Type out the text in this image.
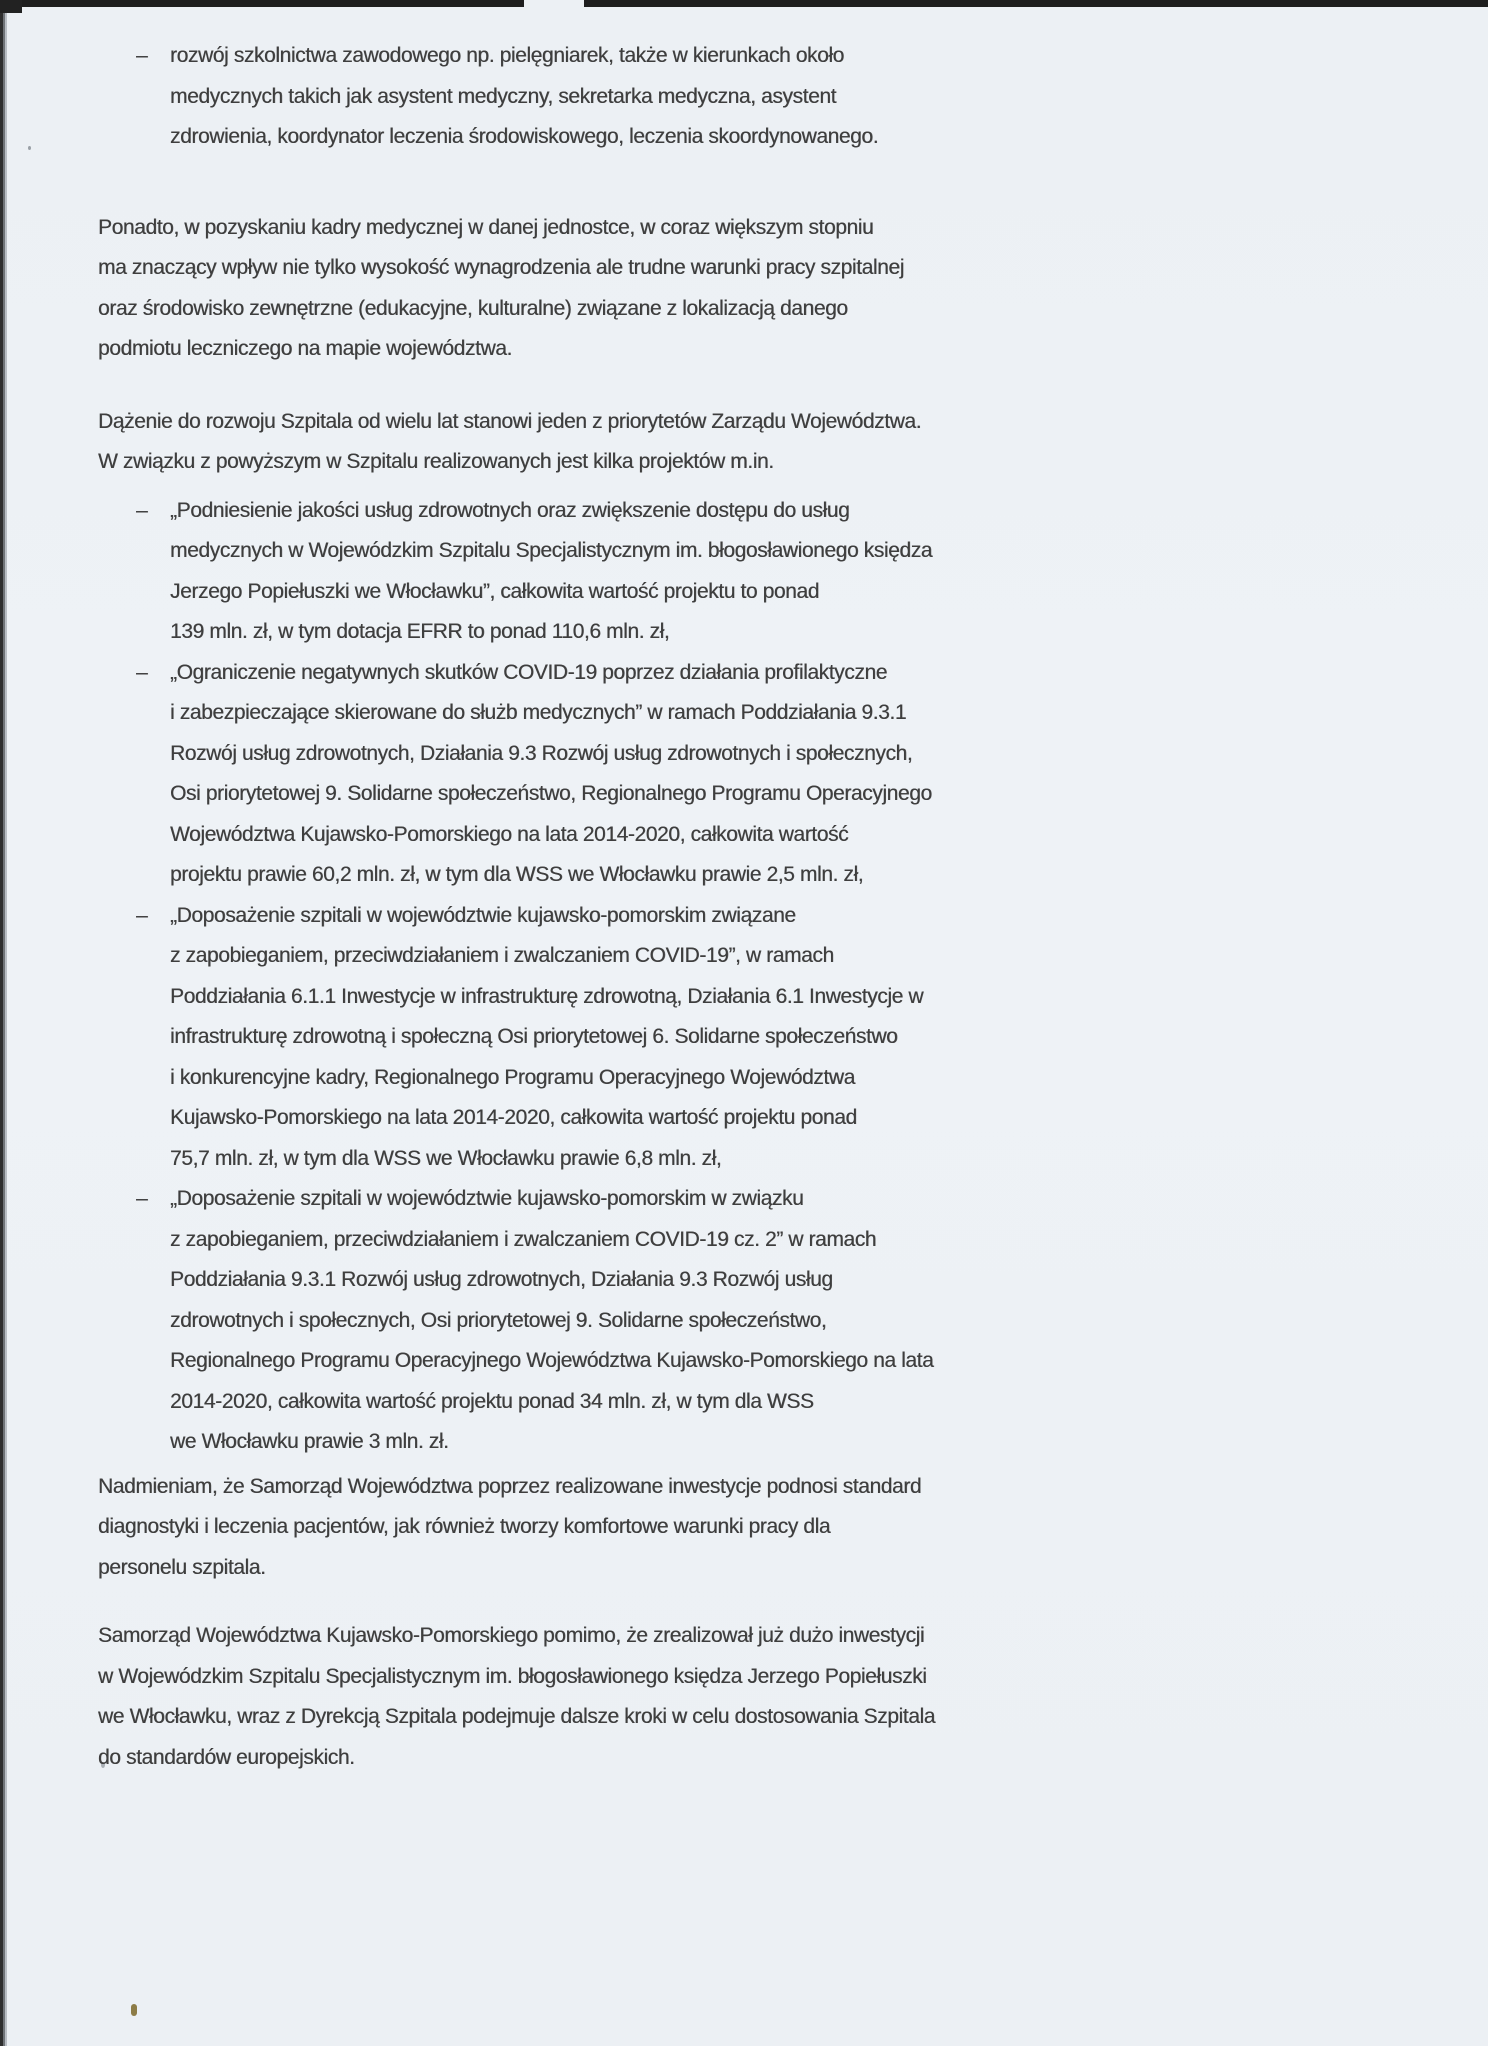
– rozwój szkolnictwa zawodowego np. pielęgniarek, także w kierunkach około
medycznych takich jak asystent medyczny, sekretarka medyczna, asystent
zdrowienia, koordynator leczenia środowiskowego, leczenia skoordynowanego.
Ponadto, w pozyskaniu kadry medycznej w danej jednostce, w coraz większym stopniu
ma znaczący wpływ nie tylko wysokość wynagrodzenia ale trudne warunki pracy szpitalnej
oraz środowisko zewnętrzne (edukacyjne, kulturalne) związane z lokalizacją danego
podmiotu leczniczego na mapie województwa.
Dążenie do rozwoju Szpitala od wielu lat stanowi jeden z priorytetów Zarządu Województwa.
W związku z powyższym w Szpitalu realizowanych jest kilka projektów m.in.
– „Podniesienie jakości usług zdrowotnych oraz zwiększenie dostępu do usług
medycznych w Wojewódzkim Szpitalu Specjalistycznym im. błogosławionego księdza
Jerzego Popiełuszki we Włocławku”, całkowita wartość projektu to ponad
139 mln. zł, w tym dotacja EFRR to ponad 110,6 mln. zł,
– „Ograniczenie negatywnych skutków COVID-19 poprzez działania profilaktyczne
i zabezpieczające skierowane do służb medycznych” w ramach Poddziałania 9.3.1
Rozwój usług zdrowotnych, Działania 9.3 Rozwój usług zdrowotnych i społecznych,
Osi priorytetowej 9. Solidarne społeczeństwo, Regionalnego Programu Operacyjnego
Województwa Kujawsko-Pomorskiego na lata 2014-2020, całkowita wartość
projektu prawie 60,2 mln. zł, w tym dla WSS we Włocławku prawie 2,5 mln. zł,
– „Doposażenie szpitali w województwie kujawsko-pomorskim związane
z zapobieganiem, przeciwdziałaniem i zwalczaniem COVID-19”, w ramach
Poddziałania 6.1.1 Inwestycje w infrastrukturę zdrowotną, Działania 6.1 Inwestycje w
infrastrukturę zdrowotną i społeczną Osi priorytetowej 6. Solidarne społeczeństwo
i konkurencyjne kadry, Regionalnego Programu Operacyjnego Województwa
Kujawsko-Pomorskiego na lata 2014-2020, całkowita wartość projektu ponad
75,7 mln. zł, w tym dla WSS we Włocławku prawie 6,8 mln. zł,
– „Doposażenie szpitali w województwie kujawsko-pomorskim w związku
z zapobieganiem, przeciwdziałaniem i zwalczaniem COVID-19 cz. 2” w ramach
Poddziałania 9.3.1 Rozwój usług zdrowotnych, Działania 9.3 Rozwój usług
zdrowotnych i społecznych, Osi priorytetowej 9. Solidarne społeczeństwo,
Regionalnego Programu Operacyjnego Województwa Kujawsko-Pomorskiego na lata
2014-2020, całkowita wartość projektu ponad 34 mln. zł, w tym dla WSS
we Włocławku prawie 3 mln. zł.
Nadmieniam, że Samorząd Województwa poprzez realizowane inwestycje podnosi standard
diagnostyki i leczenia pacjentów, jak również tworzy komfortowe warunki pracy dla
personelu szpitala.
Samorząd Województwa Kujawsko-Pomorskiego pomimo, że zrealizował już dużo inwestycji
w Wojewódzkim Szpitalu Specjalistycznym im. błogosławionego księdza Jerzego Popiełuszki
we Włocławku, wraz z Dyrekcją Szpitala podejmuje dalsze kroki w celu dostosowania Szpitala
do standardów europejskich.
